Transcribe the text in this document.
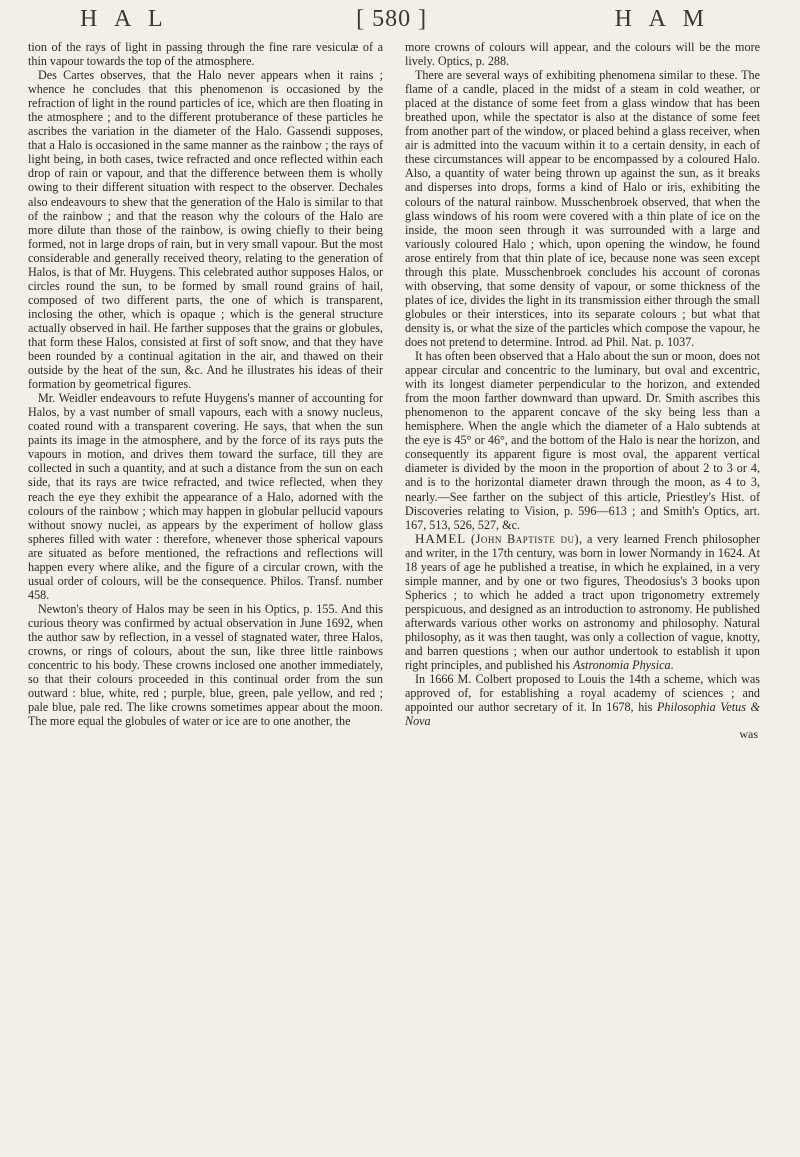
H A L	[ 580 ]	H A M

tion of the rays of light in passing through the fine rare vesiculæ of a thin vapour towards the top of the atmosphere.

Des Cartes observes, that the Halo never appears when it rains ; whence he concludes that this phenomenon is occasioned by the refraction of light in the round particles of ice, which are then floating in the atmosphere ; and to the different protuberance of these particles he ascribes the variation in the diameter of the Halo. Gassendi supposes, that a Halo is occasioned in the same manner as the rainbow ; the rays of light being, in both cases, twice refracted and once reflected within each drop of rain or vapour, and that the difference between them is wholly owing to their different situation with respect to the observer. Dechales also endeavours to shew that the generation of the Halo is similar to that of the rainbow ; and that the reason why the colours of the Halo are more dilute than those of the rainbow, is owing chiefly to their being formed, not in large drops of rain, but in very small vapour. But the most considerable and generally received theory, relating to the generation of Halos, is that of Mr. Huygens. This celebrated author supposes Halos, or circles round the sun, to be formed by small round grains of hail, composed of two different parts, the one of which is transparent, inclosing the other, which is opaque ; which is the general structure actually observed in hail. He farther supposes that the grains or globules, that form these Halos, consisted at first of soft snow, and that they have been rounded by a continual agitation in the air, and thawed on their outside by the heat of the sun, &c. And he illustrates his ideas of their formation by geometrical figures.

Mr. Weidler endeavours to refute Huygens's manner of accounting for Halos, by a vast number of small vapours, each with a snowy nucleus, coated round with a transparent covering. He says, that when the sun paints its image in the atmosphere, and by the force of its rays puts the vapours in motion, and drives them toward the surface, till they are collected in such a quantity, and at such a distance from the sun on each side, that its rays are twice refracted, and twice reflected, when they reach the eye they exhibit the appearance of a Halo, adorned with the colours of the rainbow ; which may happen in globular pellucid vapours without snowy nuclei, as appears by the experiment of hollow glass spheres filled with water : therefore, whenever those spherical vapours are situated as before mentioned, the refractions and reflections will happen every where alike, and the figure of a circular crown, with the usual order of colours, will be the consequence. Philos. Transf. number 458.

Newton's theory of Halos may be seen in his Optics, p. 155. And this curious theory was confirmed by actual observation in June 1692, when the author saw by reflection, in a vessel of stagnated water, three Halos, crowns, or rings of colours, about the sun, like three little rainbows concentric to his body. These crowns inclosed one another immediately, so that their colours proceeded in this continual order from the sun outward : blue, white, red ; purple, blue, green, pale yellow, and red ; pale blue, pale red. The like crowns sometimes appear about the moon. The more equal the globules of water or ice are to one another, the

more crowns of colours will appear, and the colours will be the more lively. Optics, p. 288.

There are several ways of exhibiting phenomena similar to these. The flame of a candle, placed in the midst of a steam in cold weather, or placed at the distance of some feet from a glass window that has been breathed upon, while the spectator is also at the distance of some feet from another part of the window, or placed behind a glass receiver, when air is admitted into the vacuum within it to a certain density, in each of these circumstances will appear to be encompassed by a coloured Halo. Also, a quantity of water being thrown up against the sun, as it breaks and disperses into drops, forms a kind of Halo or iris, exhibiting the colours of the natural rainbow. Musschenbroek observed, that when the glass windows of his room were covered with a thin plate of ice on the inside, the moon seen through it was surrounded with a large and variously coloured Halo ; which, upon opening the window, he found arose entirely from that thin plate of ice, because none was seen except through this plate. Musschenbroek concludes his account of coronas with observing, that some density of vapour, or some thickness of the plates of ice, divides the light in its transmission either through the small globules or their interstices, into its separate colours ; but what that density is, or what the size of the particles which compose the vapour, he does not pretend to determine. Introd. ad Phil. Nat. p. 1037.

It has often been observed that a Halo about the sun or moon, does not appear circular and concentric to the luminary, but oval and excentric, with its longest diameter perpendicular to the horizon, and extended from the moon farther downward than upward. Dr. Smith ascribes this phenomenon to the apparent concave of the sky being less than a hemisphere. When the angle which the diameter of a Halo subtends at the eye is 45° or 46°, and the bottom of the Halo is near the horizon, and consequently its apparent figure is most oval, the apparent vertical diameter is divided by the moon in the proportion of about 2 to 3 or 4, and is to the horizontal diameter drawn through the moon, as 4 to 3, nearly.—See farther on the subject of this article, Priestley's Hist. of Discoveries relating to Vision, p. 596—613 ; and Smith's Optics, art. 167, 513, 526, 527, &c.

HAMEL (John Baptiste du), a very learned French philosopher and writer, in the 17th century, was born in lower Normandy in 1624. At 18 years of age he published a treatise, in which he explained, in a very simple manner, and by one or two figures, Theodosius's 3 books upon Spherics ; to which he added a tract upon trigonometry extremely perspicuous, and designed as an introduction to astronomy. He published afterwards various other works on astronomy and philosophy. Natural philosophy, as it was then taught, was only a collection of vague, knotty, and barren questions ; when our author undertook to establish it upon right principles, and published his Astronomia Physica.

In 1666 M. Colbert proposed to Louis the 14th a scheme, which was approved of, for establishing a royal academy of sciences ; and appointed our author secretary of it. In 1678, his Philosophia Vetus & Nova

was
